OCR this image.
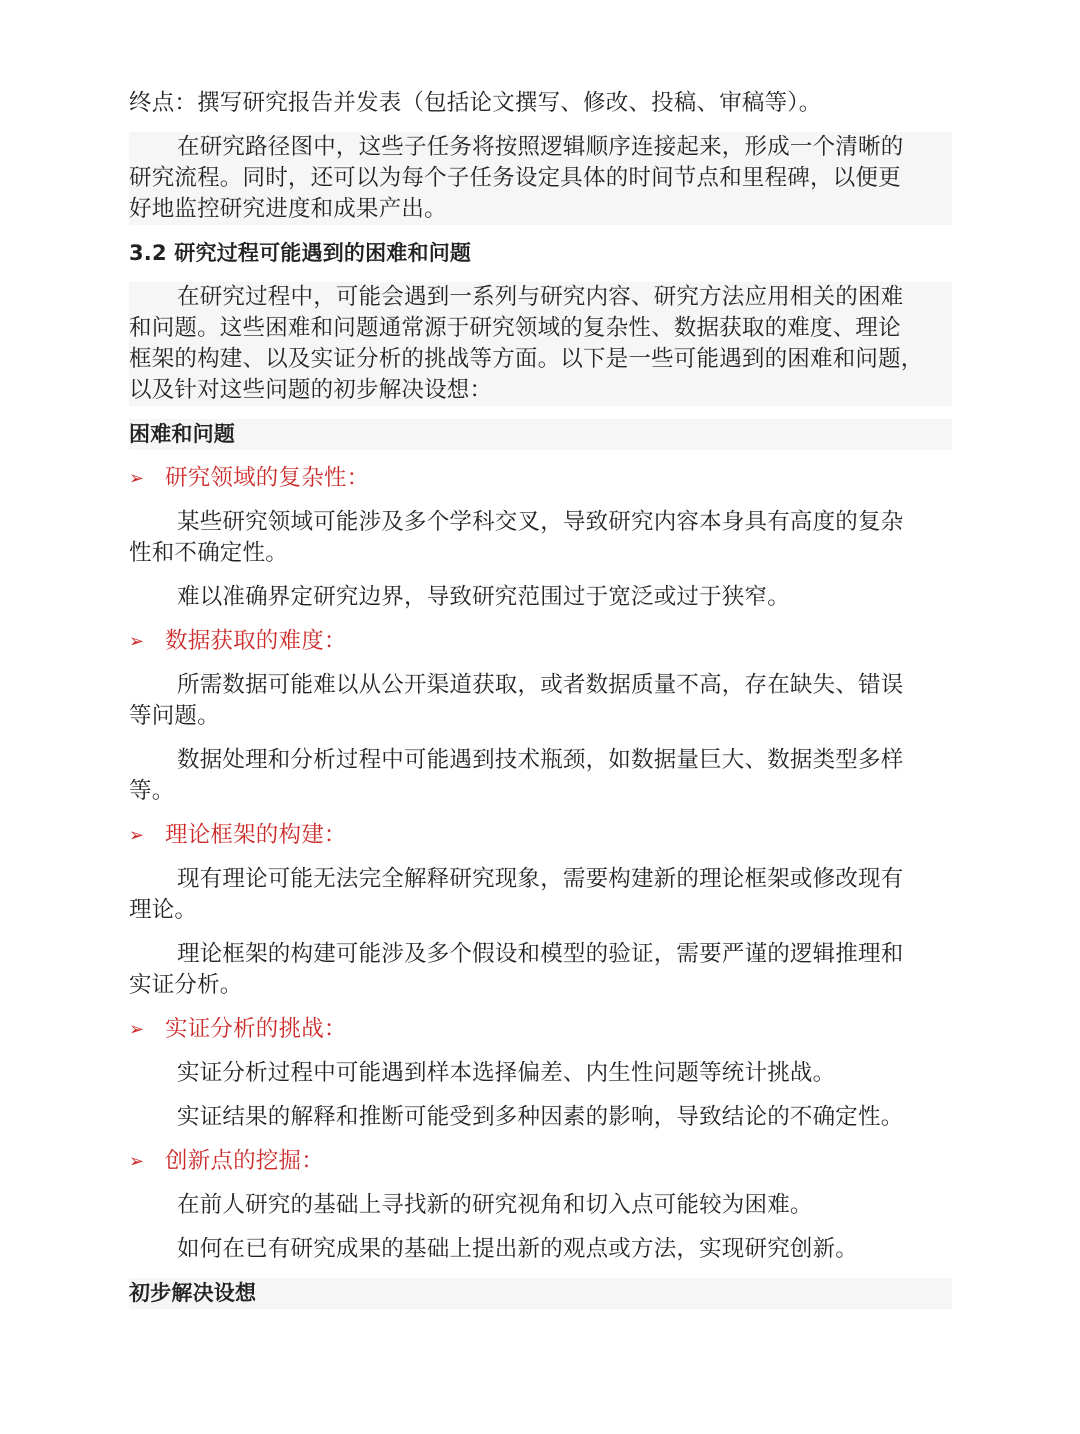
终点：撰写研究报告并发表（包括论文撰写、修改、投稿、审稿等）。
在研究路径图中，这些子任务将按照逻辑顺序连接起来，形成一个清晰的
研究流程。同时，还可以为每个子任务设定具体的时间节点和里程碑，以便更
好地监控研究进度和成果产出。
3.2 研究过程可能遇到的困难和问题
在研究过程中，可能会遇到一系列与研究内容、研究方法应用相关的困难
和问题。这些困难和问题通常源于研究领域的复杂性、数据获取的难度、理论
框架的构建、以及实证分析的挑战等方面。以下是一些可能遇到的困难和问题，
以及针对这些问题的初步解决设想：
困难和问题
➢ 研究领域的复杂性：
某些研究领域可能涉及多个学科交叉，导致研究内容本身具有高度的复杂
性和不确定性。
难以准确界定研究边界，导致研究范围过于宽泛或过于狭窄。
➢ 数据获取的难度：
所需数据可能难以从公开渠道获取，或者数据质量不高，存在缺失、错误
等问题。
数据处理和分析过程中可能遇到技术瓶颈，如数据量巨大、数据类型多样
等。
➢ 理论框架的构建：
现有理论可能无法完全解释研究现象，需要构建新的理论框架或修改现有
理论。
理论框架的构建可能涉及多个假设和模型的验证，需要严谨的逻辑推理和
实证分析。
➢ 实证分析的挑战：
实证分析过程中可能遇到样本选择偏差、内生性问题等统计挑战。
实证结果的解释和推断可能受到多种因素的影响，导致结论的不确定性。
➢ 创新点的挖掘：
在前人研究的基础上寻找新的研究视角和切入点可能较为困难。
如何在已有研究成果的基础上提出新的观点或方法，实现研究创新。
初步解决设想
